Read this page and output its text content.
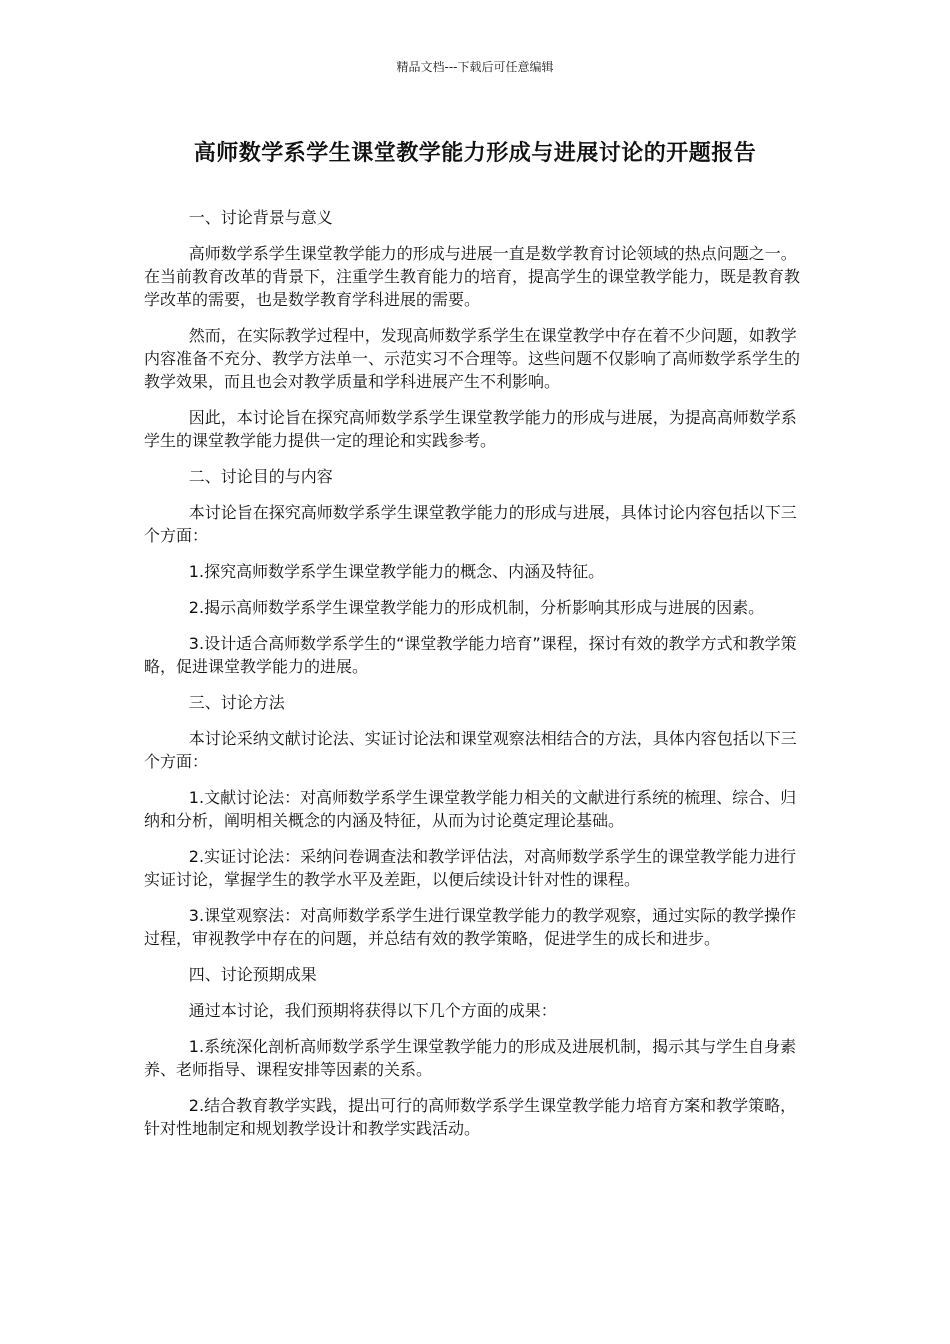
精品文档---下载后可任意编辑
高师数学系学生课堂教学能力形成与进展讨论的开题报告

一、讨论背景与意义

高师数学系学生课堂教学能力的形成与进展一直是数学教育讨论领域的热点问题之一。在当前教育改革的背景下，注重学生教育能力的培育，提高学生的课堂教学能力，既是教育教学改革的需要，也是数学教育学科进展的需要。

然而，在实际教学过程中，发现高师数学系学生在课堂教学中存在着不少问题，如教学内容准备不充分、教学方法单一、示范实习不合理等。这些问题不仅影响了高师数学系学生的教学效果，而且也会对教学质量和学科进展产生不利影响。

因此，本讨论旨在探究高师数学系学生课堂教学能力的形成与进展，为提高高师数学系学生的课堂教学能力提供一定的理论和实践参考。

二、讨论目的与内容

本讨论旨在探究高师数学系学生课堂教学能力的形成与进展，具体讨论内容包括以下三个方面：

1.探究高师数学系学生课堂教学能力的概念、内涵及特征。

2.揭示高师数学系学生课堂教学能力的形成机制，分析影响其形成与进展的因素。

3.设计适合高师数学系学生的“课堂教学能力培育”课程，探讨有效的教学方式和教学策略，促进课堂教学能力的进展。

三、讨论方法

本讨论采纳文献讨论法、实证讨论法和课堂观察法相结合的方法，具体内容包括以下三个方面：

1.文献讨论法：对高师数学系学生课堂教学能力相关的文献进行系统的梳理、综合、归纳和分析，阐明相关概念的内涵及特征，从而为讨论奠定理论基础。

2.实证讨论法：采纳问卷调查法和教学评估法，对高师数学系学生的课堂教学能力进行实证讨论，掌握学生的教学水平及差距，以便后续设计针对性的课程。

3.课堂观察法：对高师数学系学生进行课堂教学能力的教学观察，通过实际的教学操作过程，审视教学中存在的问题，并总结有效的教学策略，促进学生的成长和进步。

四、讨论预期成果

通过本讨论，我们预期将获得以下几个方面的成果：

1.系统深化剖析高师数学系学生课堂教学能力的形成及进展机制，揭示其与学生自身素养、老师指导、课程安排等因素的关系。

2.结合教育教学实践，提出可行的高师数学系学生课堂教学能力培育方案和教学策略，针对性地制定和规划教学设计和教学实践活动。
